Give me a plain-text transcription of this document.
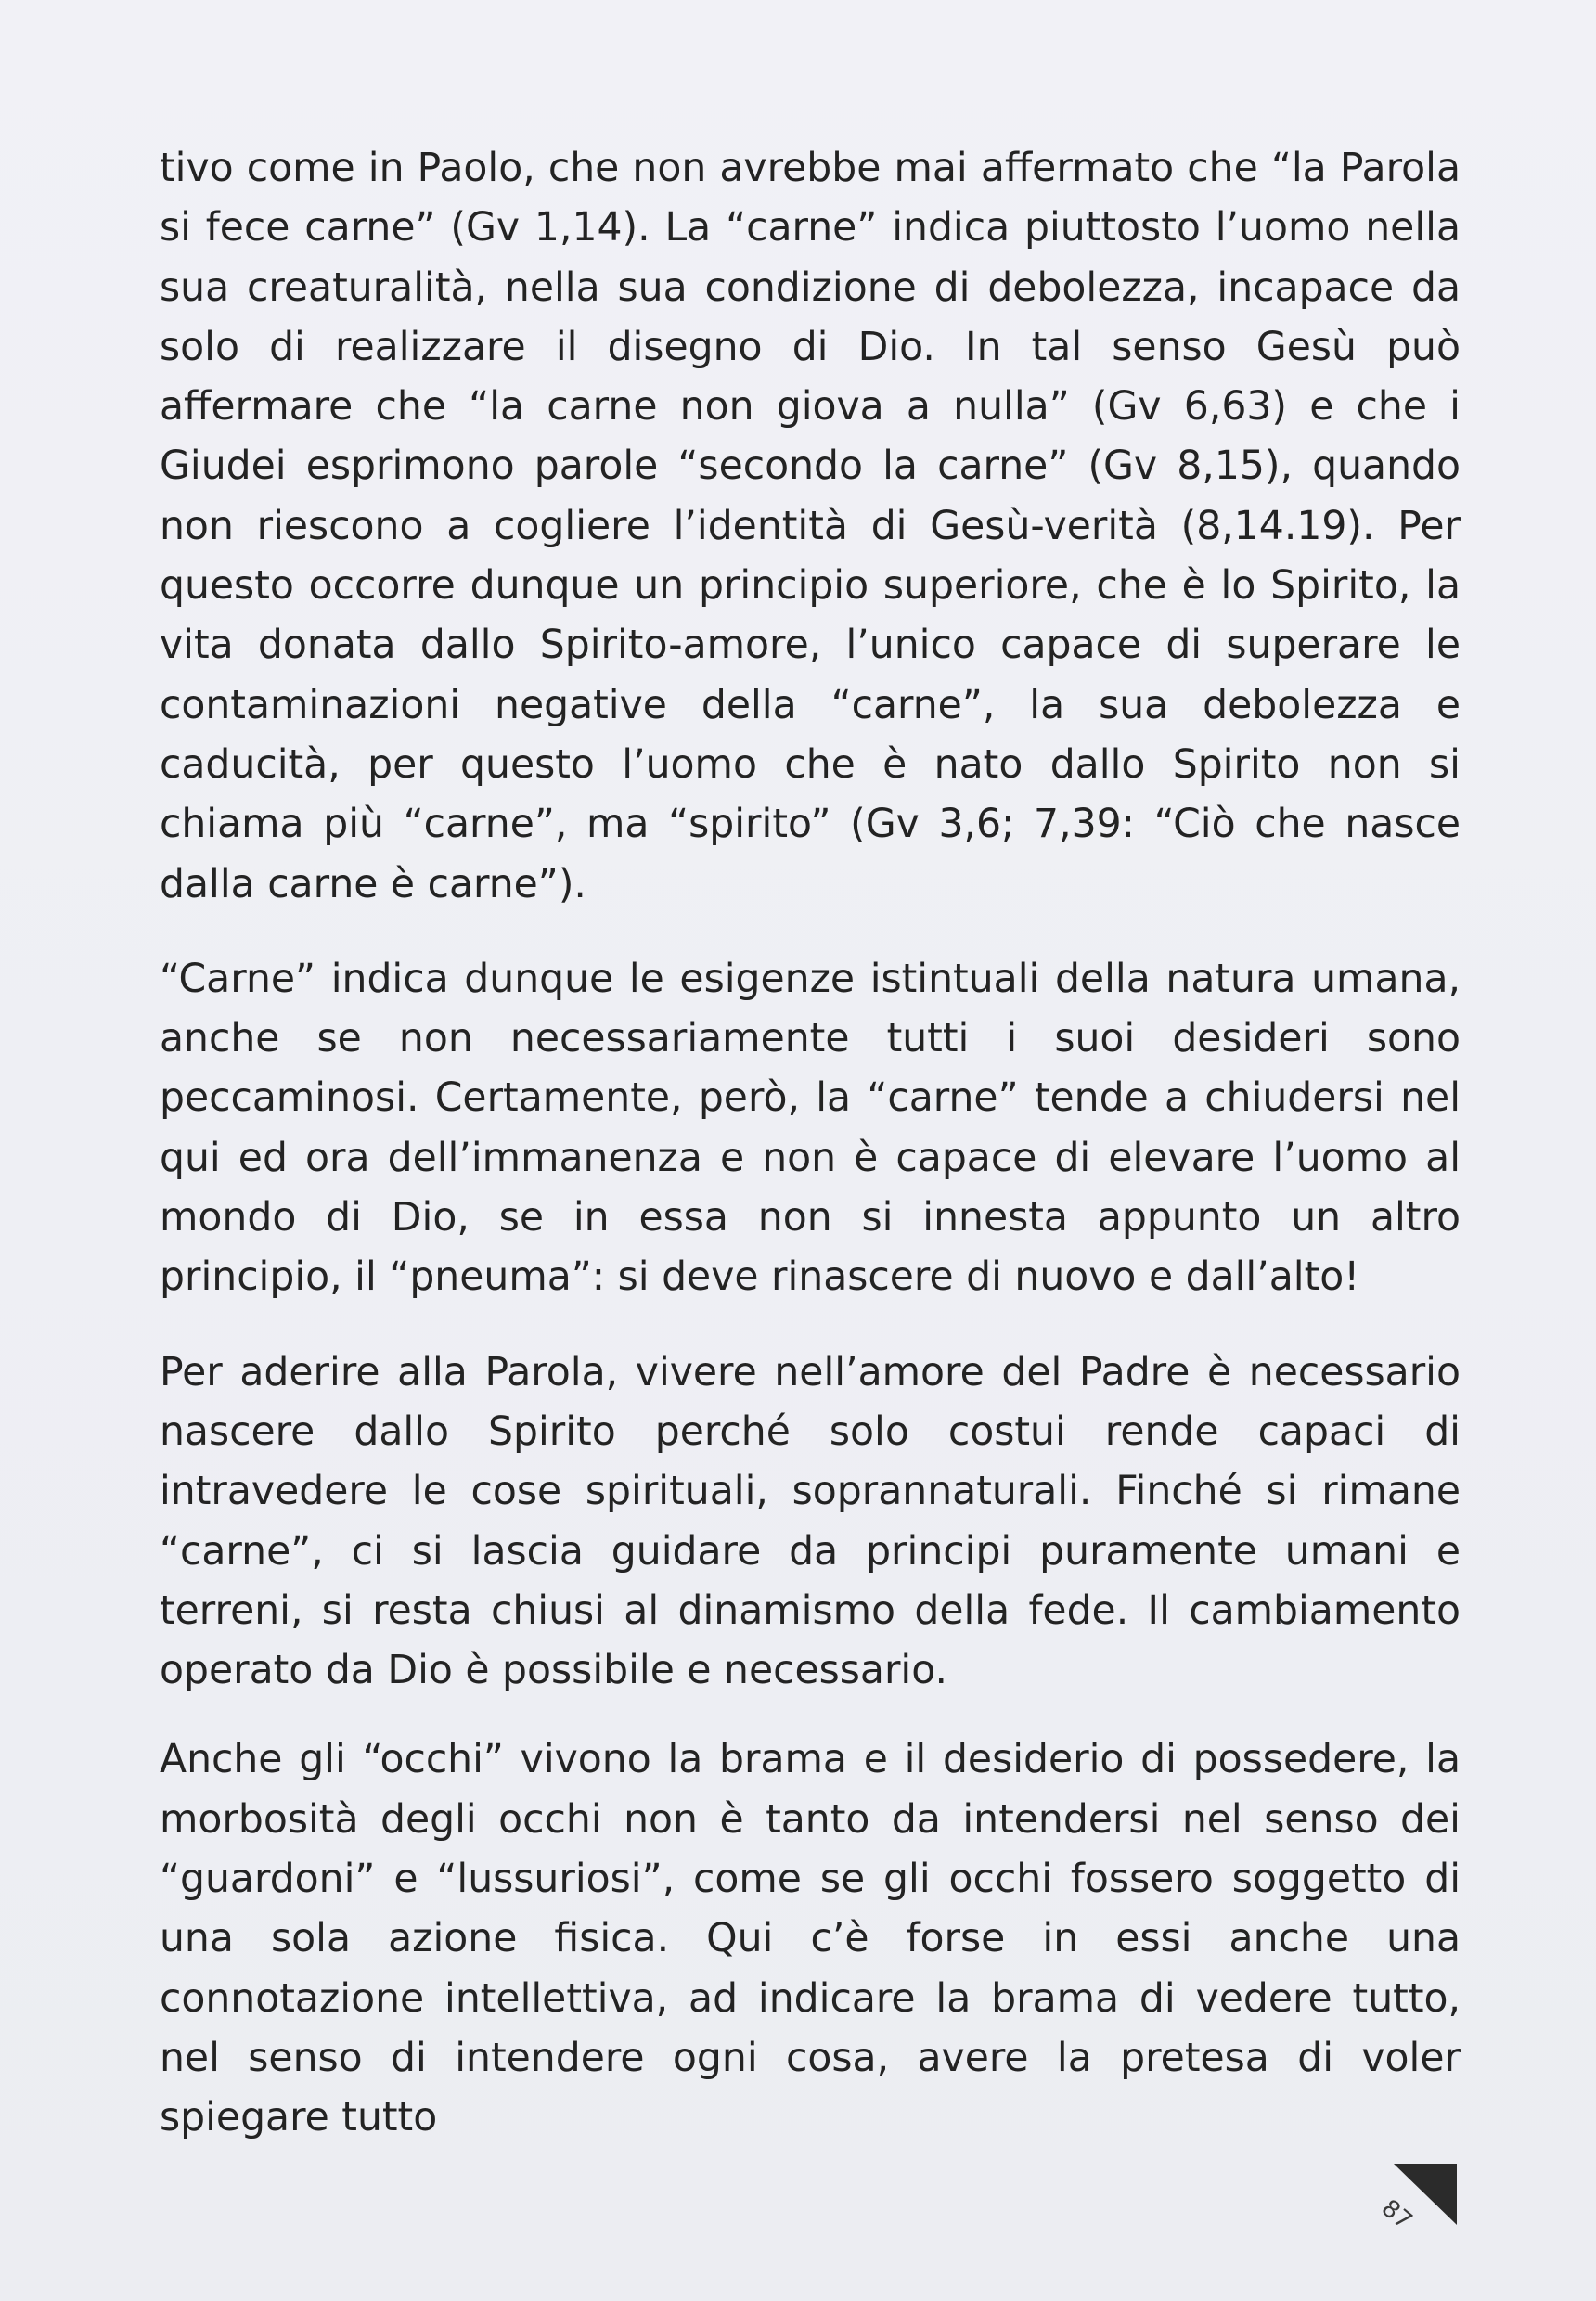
tivo come in Paolo, che non avrebbe mai affermato che “la Parola si fece carne” (Gv 1,14). La “carne” indica piuttosto l’uomo nella sua creaturalità, nella sua condizione di debolezza, incapace da solo di realizzare il disegno di Dio. In tal senso Gesù può affermare che “la carne non giova a nulla” (Gv 6,63) e che i Giudei esprimono parole “secondo la carne” (Gv 8,15), quando non riescono a cogliere l’identità di Gesù-verità (8,14.19). Per questo occorre dunque un principio superiore, che è lo Spirito, la vita donata dallo Spirito-amore, l’unico capace di superare le contaminazioni negative della “carne”, la sua debolezza e caducità, per questo l’uomo che è nato dallo Spirito non si chiama più “carne”, ma “spirito” (Gv 3,6; 7,39: “Ciò che nasce dalla carne è carne”).

“Carne” indica dunque le esigenze istintuali della natura umana, anche se non necessariamente tutti i suoi desideri sono peccaminosi. Certamente, però, la “carne” tende a chiudersi nel qui ed ora dell’immanenza e non è capace di elevare l’uomo al mondo di Dio, se in essa non si innesta appunto un altro principio, il “pneuma”: si deve rinascere di nuovo e dall’alto!

Per aderire alla Parola, vivere nell’amore del Padre è necessario nascere dallo Spirito perché solo costui rende capaci di intravedere le cose spirituali, soprannaturali. Finché si rimane “carne”, ci si lascia guidare da principi puramente umani e terreni, si resta chiusi al dinamismo della fede. Il cambiamento operato da Dio è possibile e necessario.

Anche gli “occhi” vivono la brama e il desiderio di possedere, la morbosità degli occhi non è tanto da intendersi nel senso dei “guardoni” e “lussuriosi”, come se gli occhi fossero soggetto di una sola azione fisica. Qui c’è forse in essi anche una connotazione intellettiva, ad indicare la brama di vedere tutto, nel senso di intendere ogni cosa, avere la pretesa di voler spiegare tutto

87
